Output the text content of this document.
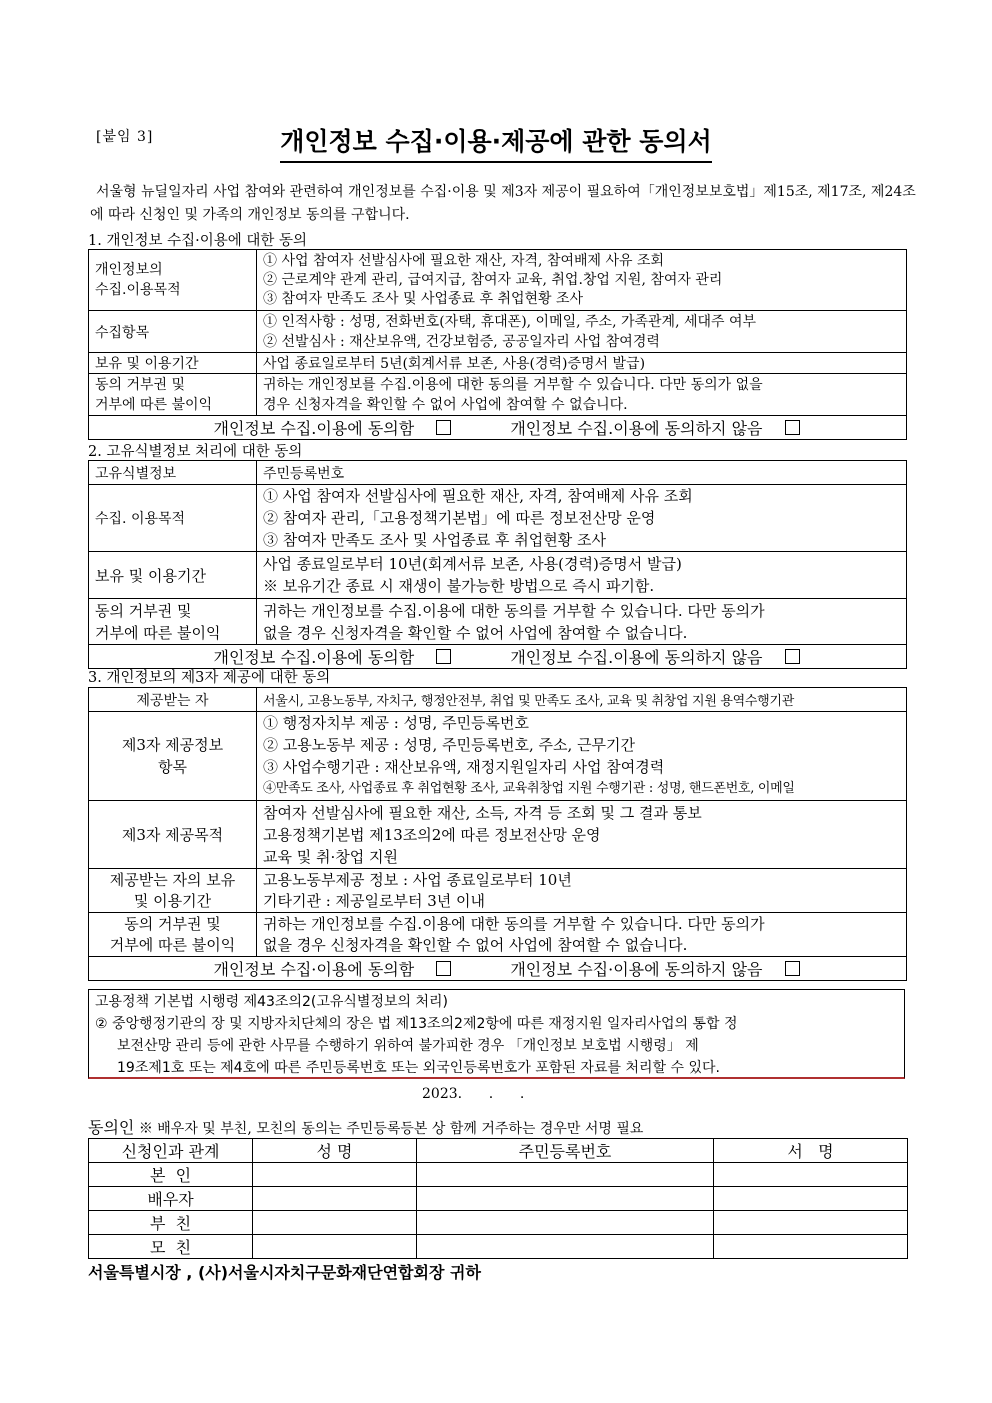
[붙임 3]	개인정보 수집·이용·제공에 관한 동의서
서울형 뉴딜일자리 사업 참여와 관련하여 개인정보를 수집·이용 및 제3자 제공이 필요하여「개인정보보호법」제15조, 제17조, 제24조에 따라 신청인 및 가족의 개인정보 동의를 구합니다.
1. 개인정보 수집·이용에 대한 동의
개인정보의
수집.이용목적	① 사업 참여자 선발심사에 필요한 재산, 자격, 참여배제 사유 조회
② 근로계약 관계 관리, 급여지급, 참여자 교육, 취업.창업 지원, 참여자 관리
③ 참여자 만족도 조사 및 사업종료 후 취업현황 조사

수집항목	① 인적사항 : 성명, 전화번호(자택, 휴대폰), 이메일, 주소, 가족관계, 세대주 여부
② 선발심사 : 재산보유액, 건강보험증, 공공일자리 사업 참여경력

보유 및 이용기간	사업 종료일로부터 5년(회계서류 보존, 사용(경력)증명서 발급)

동의 거부권 및
거부에 따른 불이익	귀하는 개인정보를 수집.이용에 대한 동의를 거부할 수 있습니다. 다만 동의가 없을
경우 신청자격을 확인할 수 없어 사업에 참여할 수 없습니다.

개인정보 수집.이용에 동의함 개인정보 수집.이용에 동의하지 않음	
2. 고유식별정보 처리에 대한 동의
고유식별정보	주민등록번호
수집. 이용목적	① 사업 참여자 선발심사에 필요한 재산, 자격, 참여배제 사유 조회
② 참여자 관리,「고용정책기본법」에 따른 정보전산망 운영
③ 참여자 만족도 조사 및 사업종료 후 취업현황 조사

보유 및 이용기간	사업 종료일로부터 10년(회계서류 보존, 사용(경력)증명서 발급)
※ 보유기간 종료 시 재생이 불가능한 방법으로 즉시 파기함.

동의 거부권 및
거부에 따른 불이익	귀하는 개인정보를 수집.이용에 대한 동의를 거부할 수 있습니다. 다만 동의가
없을 경우 신청자격을 확인할 수 없어 사업에 참여할 수 없습니다.

개인정보 수집.이용에 동의함 개인정보 수집.이용에 동의하지 않음	
3. 개인정보의 제3자 제공에 대한 동의
제공받는 자	서울시, 고용노동부, 자치구, 행정안전부, 취업 및 만족도 조사, 교육 및 취창업 지원 용역수행기관

제3자 제공정보
항목	① 행정자치부 제공 : 성명, 주민등록번호
② 고용노동부 제공 : 성명, 주민등록번호, 주소, 근무기간
③ 사업수행기관 : 재산보유액, 재정지원일자리 사업 참여경력
④만족도 조사, 사업종료 후 취업현황 조사, 교육취창업 지원 수행기관 : 성명, 핸드폰번호, 이메일

제3자 제공목적	참여자 선발심사에 필요한 재산, 소득, 자격 등 조회 및 그 결과 통보
고용정책기본법 제13조의2에 따른 정보전산망 운영
교육 및 취·창업 지원

제공받는 자의 보유
및 이용기간	고용노동부제공 정보 : 사업 종료일로부터 10년
기타기관 : 제공일로부터 3년 이내

동의 거부권 및
거부에 따른 불이익	귀하는 개인정보를 수집.이용에 대한 동의를 거부할 수 있습니다. 다만 동의가
없을 경우 신청자격을 확인할 수 없어 사업에 참여할 수 없습니다.

개인정보 수집·이용에 동의함 개인정보 수집·이용에 동의하지 않음	
고용정책 기본법 시행령 제43조의2(고유식별정보의 처리)
② 중앙행정기관의 장 및 지방자치단체의 장은 법 제13조의2제2항에 따른 재정지원 일자리사업의 통합 정
보전산망 관리 등에 관한 사무를 수행하기 위하여 불가피한 경우 「개인정보 보호법 시행령」 제
19조제1호 또는 제4호에 따른 주민등록번호 또는 외국인등록번호가 포함된 자료를 처리할 수 있다.
2023.      .      .
동의인 ※ 배우자 및 부친, 모친의 동의는 주민등록등본 상 함께 거주하는 경우만 서명 필요
신청인과 관계	성 명	주민등록번호	서   명
본  인			
배우자			
부  친			
모  친			
서울특별시장 , (사)서울시자치구문화재단연합회장 귀하
